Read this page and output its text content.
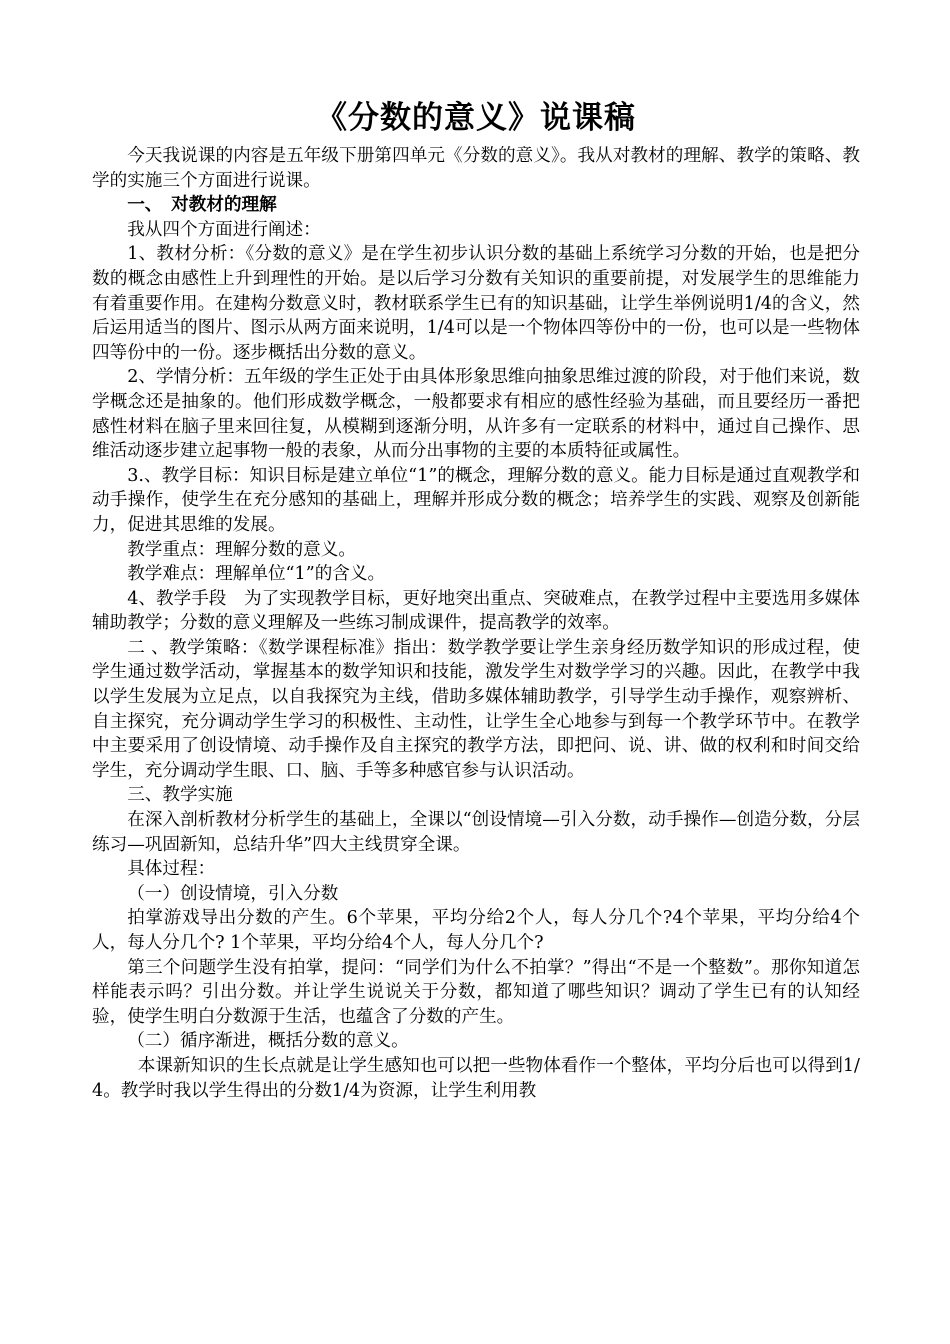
《分数的意义》说课稿

今天我说课的内容是五年级下册第四单元《分数的意义》。我从对教材的理解、教学的策略、教学的实施三个方面进行说课。

一、　对教材的理解

我从四个方面进行阐述：

1、教材分析：《分数的意义》是在学生初步认识分数的基础上系统学习分数的开始，也是把分数的概念由感性上升到理性的开始。是以后学习分数有关知识的重要前提，对发展学生的思维能力有着重要作用。在建构分数意义时，教材联系学生已有的知识基础，让学生举例说明1/4的含义，然后运用适当的图片、图示从两方面来说明，1/4可以是一个物体四等份中的一份，也可以是一些物体四等份中的一份。逐步概括出分数的意义。

2、学情分析：五年级的学生正处于由具体形象思维向抽象思维过渡的阶段，对于他们来说，数学概念还是抽象的。他们形成数学概念，一般都要求有相应的感性经验为基础，而且要经历一番把感性材料在脑子里来回往复，从模糊到逐渐分明，从许多有一定联系的材料中，通过自己操作、思维活动逐步建立起事物一般的表象，从而分出事物的主要的本质特征或属性。

3.、教学目标：知识目标是建立单位“1”的概念，理解分数的意义。能力目标是通过直观教学和动手操作，使学生在充分感知的基础上，理解并形成分数的概念；培养学生的实践、观察及创新能力，促进其思维的发展。

教学重点：理解分数的意义。

教学难点：理解单位“1”的含义。

4、教学手段　为了实现教学目标，更好地突出重点、突破难点，在教学过程中主要选用多媒体辅助教学；分数的意义理解及一些练习制成课件，提高教学的效率。

二 、教学策略：《数学课程标准》指出：数学教学要让学生亲身经历数学知识的形成过程，使学生通过数学活动，掌握基本的数学知识和技能，激发学生对数学学习的兴趣。因此，在教学中我以学生发展为立足点，以自我探究为主线，借助多媒体辅助教学，引导学生动手操作，观察辨析、自主探究，充分调动学生学习的积极性、主动性，让学生全心地参与到每一个教学环节中。在教学中主要采用了创设情境、动手操作及自主探究的教学方法，即把问、说、讲、做的权利和时间交给学生，充分调动学生眼、口、脑、手等多种感官参与认识活动。

三、教学实施

在深入剖析教材分析学生的基础上，全课以“创设情境—引入分数，动手操作—创造分数，分层练习—巩固新知，总结升华”四大主线贯穿全课。

具体过程：

（一）创设情境，引入分数

拍掌游戏导出分数的产生。6个苹果，平均分给2个人，每人分几个?4个苹果，平均分给4个人，每人分几个? 1个苹果，平均分给4个人，每人分几个?

第三个问题学生没有拍掌，提问：“同学们为什么不拍掌？”得出“不是一个整数”。那你知道怎样能表示吗？引出分数。并让学生说说关于分数，都知道了哪些知识？调动了学生已有的认知经验，使学生明白分数源于生活，也蕴含了分数的产生。

（二）循序渐进，概括分数的意义。

本课新知识的生长点就是让学生感知也可以把一些物体看作一个整体，平均分后也可以得到1/4。教学时我以学生得出的分数1/4为资源，让学生利用教
